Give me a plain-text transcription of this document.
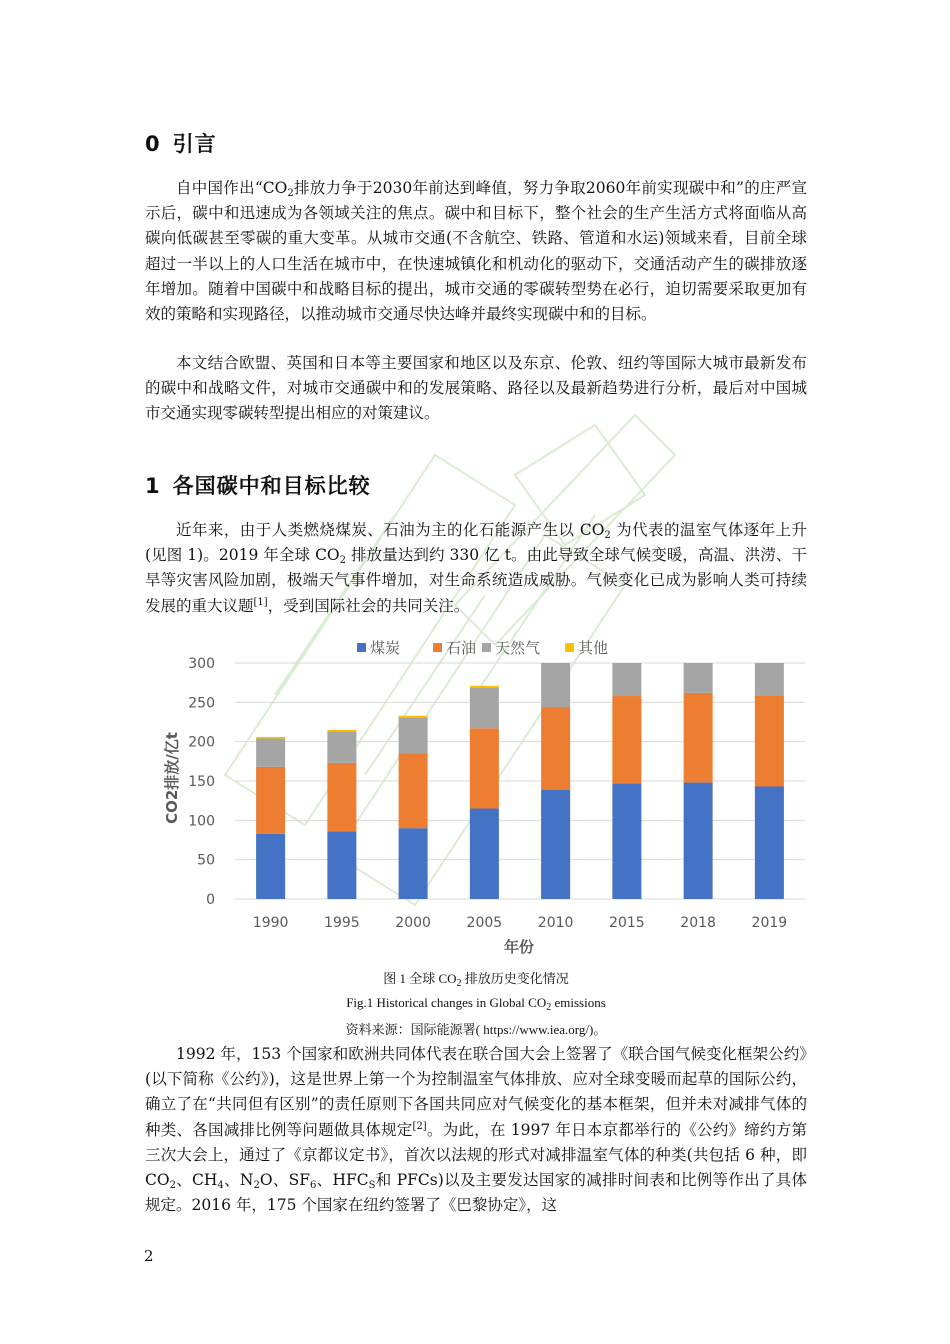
0 引言

自中国作出“$CO_2$排放力争于2030年前达到峰值，努力争取2060年前实现碳中和”的庄严宣示后，碳中和迅速成为各领域关注的焦点。碳中和目标下，整个社会的生产生活方式将面临从高碳向低碳甚至零碳的重大变革。从城市交通(不含航空、铁路、管道和水运)领域来看，目前全球超过一半以上的人口生活在城市中，在快速城镇化和机动化的驱动下，交通活动产生的碳排放逐年增加。随着中国碳中和战略目标的提出，城市交通的零碳转型势在必行，迫切需要采取更加有效的策略和实现路径，以推动城市交通尽快达峰并最终实现碳中和的目标。

本文结合欧盟、英国和日本等主要国家和地区以及东京、伦敦、纽约等国际大城市最新发布的碳中和战略文件，对城市交通碳中和的发展策略、路径以及最新趋势进行分析，最后对中国城市交通实现零碳转型提出相应的对策建议。

1 各国碳中和目标比较

近年来，由于人类燃烧煤炭、石油为主的化石能源产生以 $CO_2$ 为代表的温室气体逐年上升(见图 1)。2019 年全球 $CO_2$ 排放量达到约 330 亿 t。由此导致全球气候变暖，高温、洪涝、干旱等灾害风险加剧，极端天气事件增加，对生命系统造成威胁。气候变化已成为影响人类可持续发展的重大议题[1]，受到国际社会的共同关注。

煤炭	石油 天然气	其他
0
50
100
150
200
250
300
1990	1995	2000	2005	2010	2015	2018	2019
CO2排放/亿t
年份
图 1 全球 $CO_2$ 排放历史变化情况
Fig.1 Historical changes in Global $CO_2$ emissions
资料来源：国际能源署( https://www.iea.org/)。

1992 年，153 个国家和欧洲共同体代表在联合国大会上签署了《联合国气候变化框架公约》(以下简称《公约》)，这是世界上第一个为控制温室气体排放、应对全球变暖而起草的国际公约，确立了在“共同但有区别”的责任原则下各国共同应对气候变化的基本框架，但并未对减排气体的种类、各国减排比例等问题做具体规定[2]。为此，在 1997 年日本京都举行的《公约》缔约方第三次大会上，通过了《京都议定书》，首次以法规的形式对减排温室气体的种类(共包括 6 种，即 $CO_2$、$CH_4$、$N_2O$、$SF_6$、$HFC_S$和 PFCs)以及主要发达国家的减排时间表和比例等作出了具体规定。2016 年，175 个国家在纽约签署了《巴黎协定》，这

2
